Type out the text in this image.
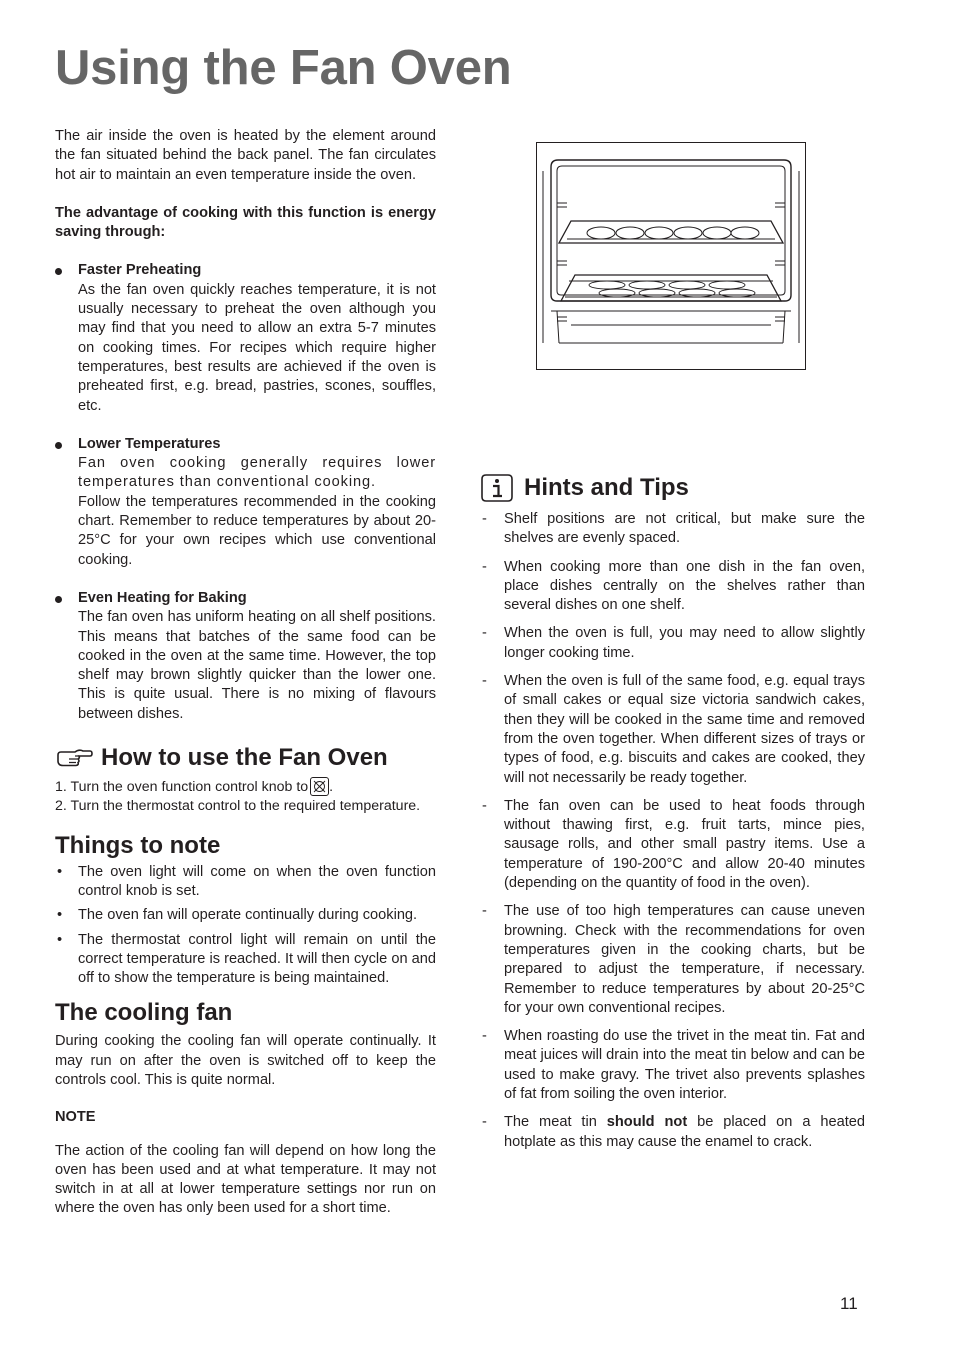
Using the Fan Oven

The air inside the oven is heated by the element around the fan situated behind the back panel. The fan circulates hot air to maintain an even temperature inside the oven.

The advantage of cooking with this function is energy saving through:

Faster Preheating

As the fan oven quickly reaches temperature, it is not usually necessary to preheat the oven although you may find that you need to allow an extra 5-7 minutes on cooking times. For recipes which require higher temperatures, best results are achieved if the oven is preheated first, e.g. bread, pastries, scones, souffles, etc.

Lower Temperatures

Fan oven cooking generally requires lower temperatures than conventional cooking.

Follow the temperatures recommended in the cooking chart. Remember to reduce temperatures by about 20-25°C for your own recipes which use conventional cooking.

Even Heating for Baking

The fan oven has uniform heating on all shelf positions. This means that batches of the same food can be cooked in the oven at the same time. However, the top shelf may brown slightly quicker than the lower one. This is quite usual. There is no mixing of flavours between dishes.

How to use the Fan Oven
1. Turn the oven function control knob to .
2. Turn the thermostat control to the required temperature.
Things to note
• The oven light will come on when the oven function control knob is set.
• The oven fan will operate continually during cooking.
• The thermostat control light will remain on until the correct temperature is reached. It will then cycle on and off to show the temperature is being maintained.
The cooling fan

During cooking the cooling fan will operate continually. It may run on after the oven is switched off to keep the controls cool. This is quite normal.

NOTE

The action of the cooling fan will depend on how long the oven has been used and at what temperature. It may not switch in at all at lower temperature settings nor run on where the oven has only been used for a short time.

Hints and Tips
- Shelf positions are not critical, but make sure the shelves are evenly spaced.
- When cooking more than one dish in the fan oven, place dishes centrally on the shelves rather than several dishes on one shelf.
- When the oven is full, you may need to allow slightly longer cooking time.
- When the oven is full of the same food, e.g. equal trays of small cakes or equal size victoria sandwich cakes, then they will be cooked in the same time and removed from the oven together. When different sizes of trays or types of food, e.g. biscuits and cakes are cooked, they will not necessarily be ready together.
- The fan oven can be used to heat foods through without thawing first, e.g. fruit tarts, mince pies, sausage rolls, and other small pastry items. Use a temperature of 190-200°C and allow 20-40 minutes (depending on the quantity of food in the oven).
- The use of too high temperatures can cause uneven browning. Check with the recommendations for oven temperatures given in the cooking charts, but be prepared to adjust the temperature, if necessary. Remember to reduce temperatures by about 20-25°C for your own conventional recipes.
- When roasting do use the trivet in the meat tin. Fat and meat juices will drain into the meat tin below and can be used to make gravy. The trivet also prevents splashes of fat from soiling the oven interior.
- The meat tin should not be placed on a heated hotplate as this may cause the enamel to crack.
11
